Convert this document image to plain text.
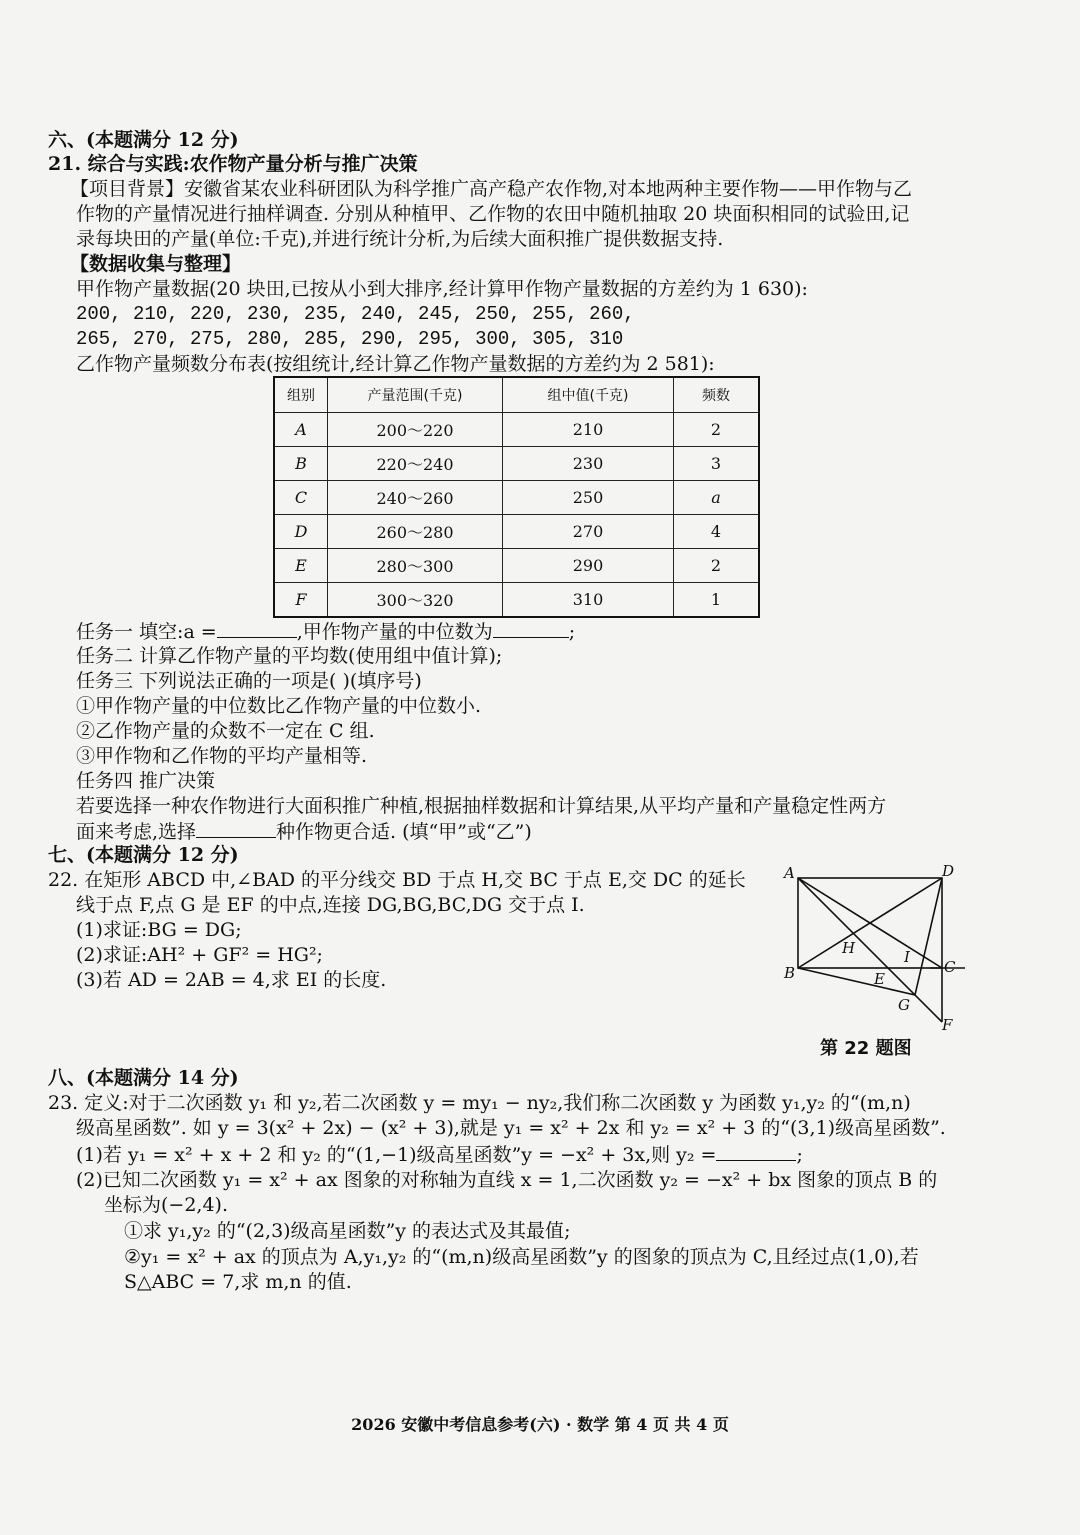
六、(本题满分 12 分)
21. 综合与实践:农作物产量分析与推广决策
【项目背景】安徽省某农业科研团队为科学推广高产稳产农作物,对本地两种主要作物——甲作物与乙
作物的产量情况进行抽样调查. 分别从种植甲、乙作物的农田中随机抽取 20 块面积相同的试验田,记
录每块田的产量(单位:千克),并进行统计分析,为后续大面积推广提供数据支持.
【数据收集与整理】
甲作物产量数据(20 块田,已按从小到大排序,经计算甲作物产量数据的方差约为 1 630):
200, 210, 220, 230, 235, 240, 245, 250, 255, 260,
265, 270, 275, 280, 285, 290, 295, 300, 305, 310
乙作物产量频数分布表(按组统计,经计算乙作物产量数据的方差约为 2 581):
组别	产量范围(千克)	组中值(千克)	频数
A	200～220	210	2
B	220～240	230	3
C	240～260	250	a
D	260～280	270	4
E	280～300	290	2
F	300～320	310	1
任务一 填空:a =	,甲作物产量的中位数为	;
任务二 计算乙作物产量的平均数(使用组中值计算);
任务三 下列说法正确的一项是( )(填序号)
①甲作物产量的中位数比乙作物产量的中位数小.
②乙作物产量的众数不一定在 C 组.
③甲作物和乙作物的平均产量相等.
任务四 推广决策
若要选择一种农作物进行大面积推广种植,根据抽样数据和计算结果,从平均产量和产量稳定性两方
面来考虑,选择	种作物更合适. (填“甲”或“乙”)
七、(本题满分 12 分)
22. 在矩形 ABCD 中,∠BAD 的平分线交 BD 于点 H,交 BC 于点 E,交 DC 的延长
线于点 F,点 G 是 EF 的中点,连接 DG,BG,BC,DG 交于点 I.
(1)求证:BG = DG;
(2)求证:AH² + GF² = HG²;
(3)若 AD = 2AB = 4,求 EI 的长度.
A	D
B	C
H	I
E
G
F
第 22 题图
八、(本题满分 14 分)
23. 定义:对于二次函数 y₁ 和 y₂,若二次函数 y = my₁ − ny₂,我们称二次函数 y 为函数 y₁,y₂ 的“(m,n)
级高星函数”. 如 y = 3(x² + 2x) − (x² + 3),就是 y₁ = x² + 2x 和 y₂ = x² + 3 的“(3,1)级高星函数”.
(1)若 y₁ = x² + x + 2 和 y₂ 的“(1,−1)级高星函数”y = −x² + 3x,则 y₂ =	;
(2)已知二次函数 y₁ = x² + ax 图象的对称轴为直线 x = 1,二次函数 y₂ = −x² + bx 图象的顶点 B 的
坐标为(−2,4).
①求 y₁,y₂ 的“(2,3)级高星函数”y 的表达式及其最值;
②y₁ = x² + ax 的顶点为 A,y₁,y₂ 的“(m,n)级高星函数”y 的图象的顶点为 C,且经过点(1,0),若
S△ABC = 7,求 m,n 的值.
2026 安徽中考信息参考(六) · 数学 第 4 页 共 4 页
